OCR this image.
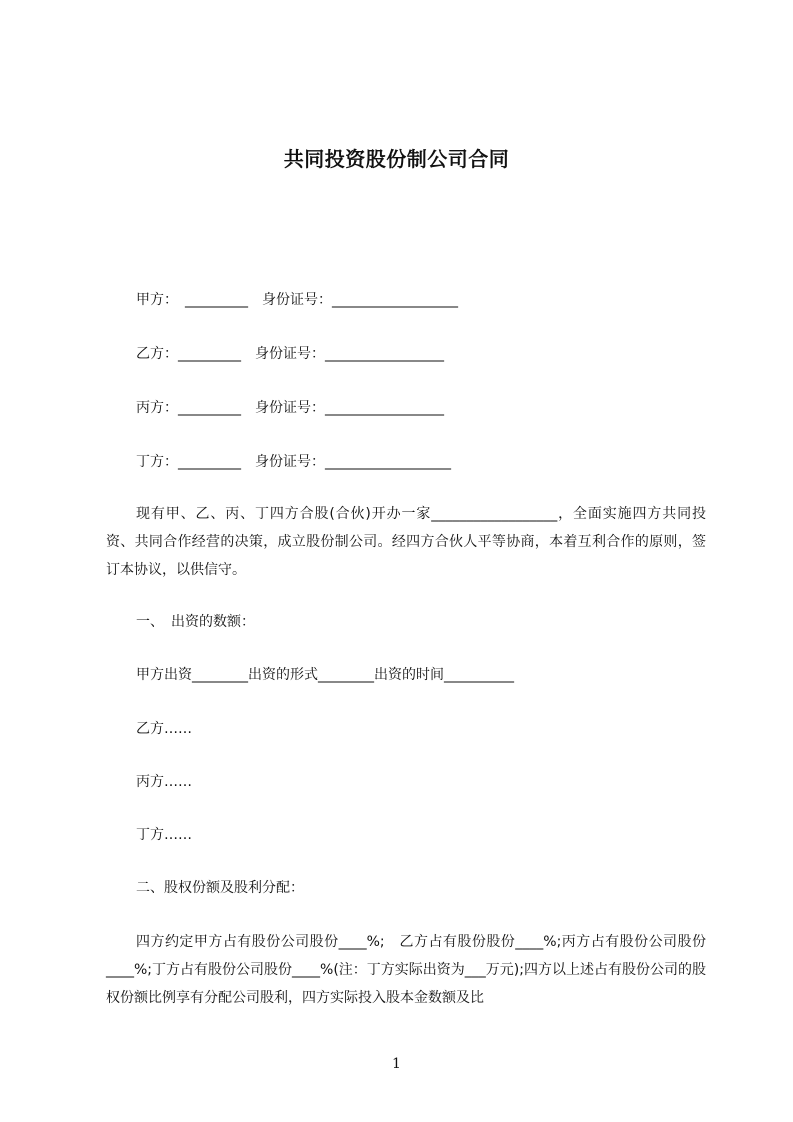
共同投资股份制公司合同
甲方：　_________　身份证号：__________________
乙方：_________　身份证号：_________________
丙方：_________　身份证号：_________________
丁方：_________　身份证号：__________________

现有甲、乙、丙、丁四方合股(合伙)开办一家__________________，全面实施四方共同投资、共同合作经营的决策，成立股份制公司。经四方合伙人平等协商，本着互利合作的原则，签订本协议，以供信守。

一、　出资的数额：
甲方出资________出资的形式________出资的时间__________
乙方……
丙方……
丁方……
二、股权份额及股利分配：

四方约定甲方占有股份公司股份____%;　乙方占有股份股份____%;丙方占有股份公司股份____%;丁方占有股份公司股份____%(注：丁方实际出资为___万元);四方以上述占有股份公司的股权份额比例享有分配公司股利，四方实际投入股本金数额及比

1
